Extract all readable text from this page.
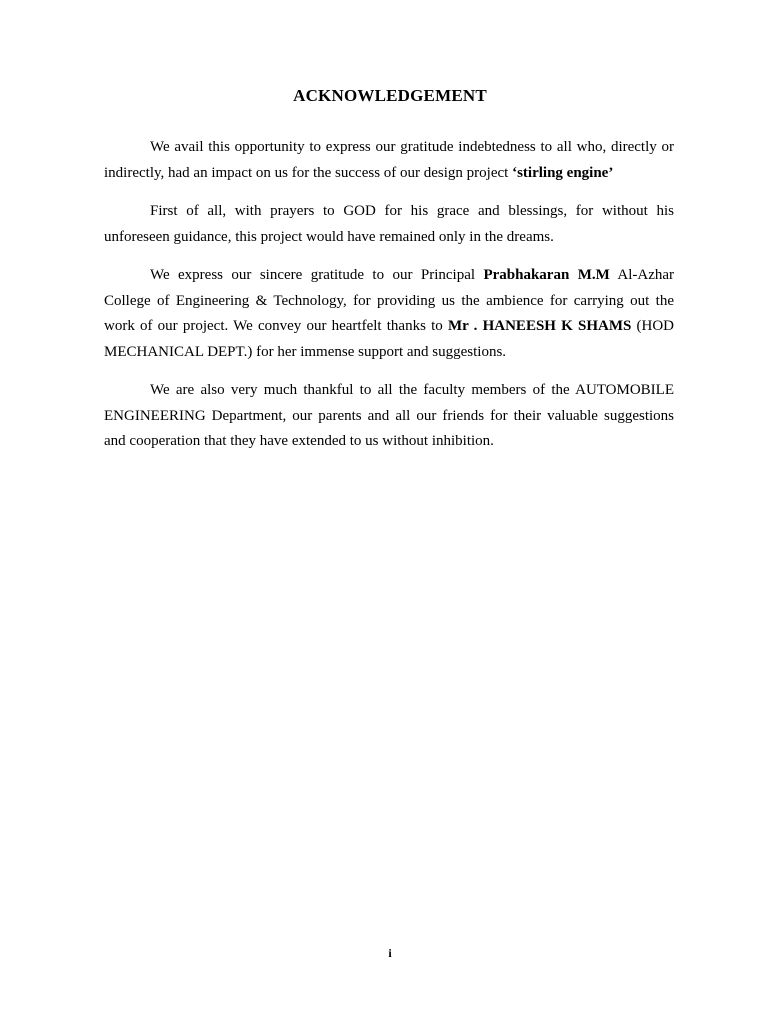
ACKNOWLEDGEMENT

We avail this opportunity to express our gratitude indebtedness to all who, directly or indirectly, had an impact on us for the success of our design project ‘stirling engine’

First of all, with prayers to GOD for his grace and blessings, for without his unforeseen guidance, this project would have remained only in the dreams.

We express our sincere gratitude to our Principal Prabhakaran M.M Al-Azhar College of Engineering & Technology, for providing us the ambience for carrying out the work of our project. We convey our heartfelt thanks to Mr . HANEESH K SHAMS (HOD MECHANICAL DEPT.) for her immense support and suggestions.

We are also very much thankful to all the faculty members of the AUTOMOBILE ENGINEERING Department, our parents and all our friends for their valuable suggestions and cooperation that they have extended to us without inhibition.

i
